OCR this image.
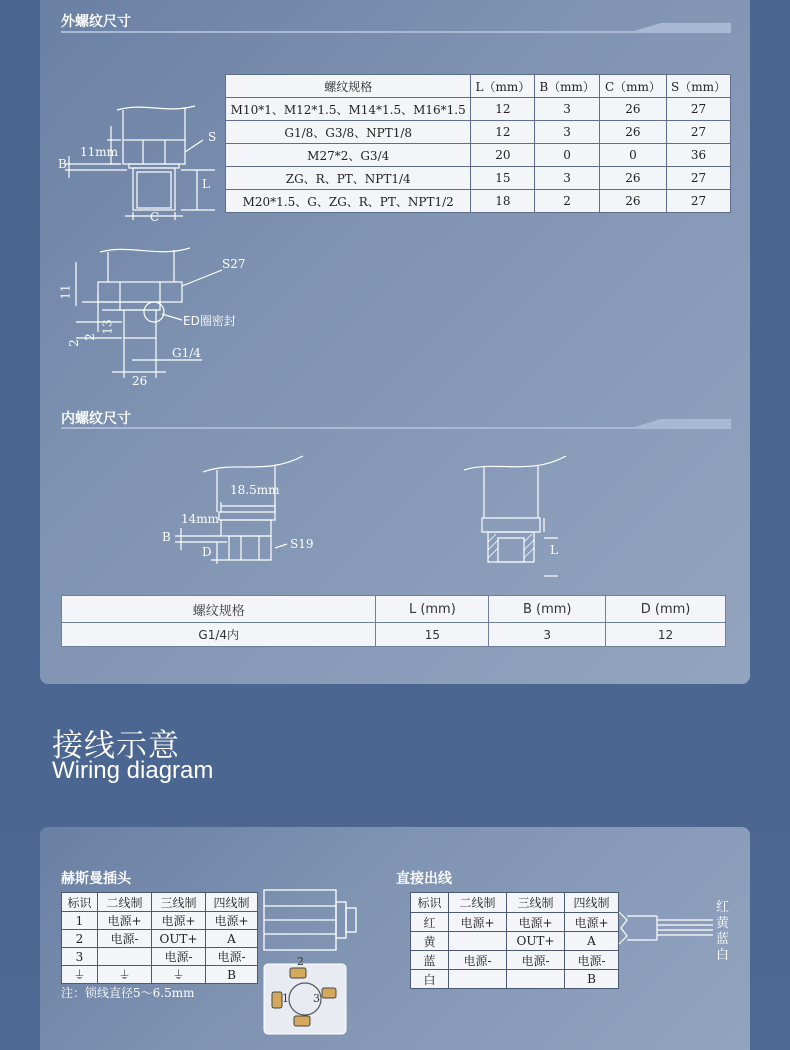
外螺纹尺寸
螺纹规格	L（mm）	B（mm）	C（mm）	S（mm）
M10*1、M12*1.5、M14*1.5、M16*1.5	12	3	26	27
G1/8、G3/8、NPT1/8	12	3	26	27
M27*2、G3/4	20	0	0	36
ZG、R、PT、NPT1/4	15	3	26	27
M20*1.5、G、ZG、R、PT、NPT1/2	18	2	26	27
11mm
B
S
L
C
S27
ED圈密封
G1/4
26
11
13
2
2
内螺纹尺寸
18.5mm
14mm
B
D
S19	L
螺纹规格	L (mm)	B (mm)	D (mm)
G1/4内	15	3	12
接线示意
Wiring diagram
赫斯曼插头
标识	二线制	三线制	四线制
1	电源+	电源+	电源+
2	电源-	OUT+	A
3		电源-	电源-
⏚	⏚	⏚	B
注：锁线直径5～6.5mm
2
1 3
直接出线
标识	二线制	三线制	四线制
红	电源+	电源+	电源+
黄		OUT+	A
蓝	电源-	电源-	电源-
白			B
红
黄
蓝
白
